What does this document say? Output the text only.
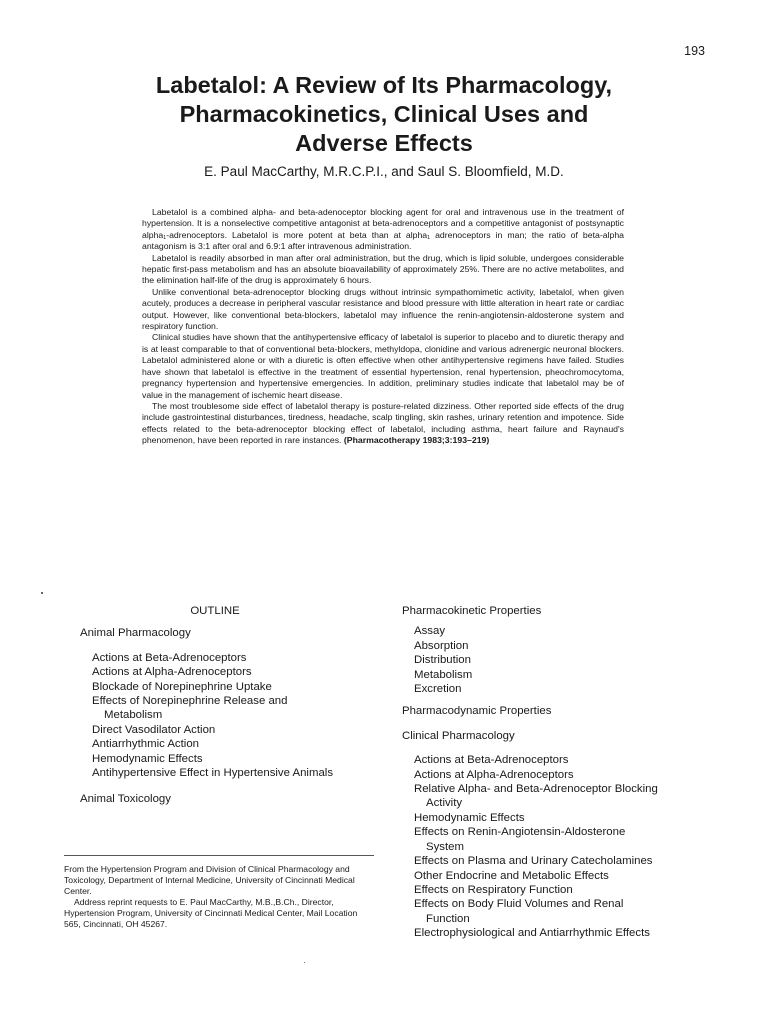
193
Labetalol: A Review of Its Pharmacology,
Pharmacokinetics, Clinical Uses and
Adverse Effects
E. Paul MacCarthy, M.R.C.P.I., and Saul S. Bloomfield, M.D.

Labetalol is a combined alpha- and beta-adenoceptor blocking agent for oral and intravenous use in the treatment of hypertension. It is a nonselective competitive antagonist at beta-adrenoceptors and a competitive antagonist of postsynaptic alpha₁-adrenoceptors. Labetalol is more potent at beta than at alpha₁ adrenoceptors in man; the ratio of beta-alpha antagonism is 3:1 after oral and 6.9:1 after intravenous administration.

Labetalol is readily absorbed in man after oral administration, but the drug, which is lipid soluble, undergoes considerable hepatic first-pass metabolism and has an absolute bioavailability of approximately 25%. There are no active metabolites, and the elimination half-life of the drug is approximately 6 hours.

Unlike conventional beta-adrenoceptor blocking drugs without intrinsic sympathomimetic activity, labetalol, when given acutely, produces a decrease in peripheral vascular resistance and blood pressure with little alteration in heart rate or cardiac output. However, like conventional beta-blockers, labetalol may influence the renin-angiotensin-aldosterone system and respiratory function.

Clinical studies have shown that the antihypertensive efficacy of labetalol is superior to placebo and to diuretic therapy and is at least comparable to that of conventional beta-blockers, methyldopa, clonidine and various adrenergic neuronal blockers. Labetalol administered alone or with a diuretic is often effective when other antihypertensive regimens have failed. Studies have shown that labetalol is effective in the treatment of essential hypertension, renal hypertension, pheochromocytoma, pregnancy hypertension and hypertensive emergencies. In addition, preliminary studies indicate that labetalol may be of value in the management of ischemic heart disease.

The most troublesome side effect of labetalol therapy is posture-related dizziness. Other reported side effects of the drug include gastrointestinal disturbances, tiredness, headache, scalp tingling, skin rashes, urinary retention and impotence. Side effects related to the beta-adrenoceptor blocking effect of labetalol, including asthma, heart failure and Raynaud's phenomenon, have been reported in rare instances. (Pharmacotherapy 1983;3:193–219)

OUTLINE
Animal Pharmacology
Actions at Beta-Adrenoceptors
Actions at Alpha-Adrenoceptors
Blockade of Norepinephrine Uptake
Effects of Norepinephrine Release and
Metabolism
Direct Vasodilator Action
Antiarrhythmic Action
Hemodynamic Effects
Antihypertensive Effect in Hypertensive Animals
Animal Toxicology
Pharmacokinetic Properties
Assay
Absorption
Distribution
Metabolism
Excretion
Pharmacodynamic Properties
Clinical Pharmacology
Actions at Beta-Adrenoceptors
Actions at Alpha-Adrenoceptors
Relative Alpha- and Beta-Adrenoceptor Blocking
Activity
Hemodynamic Effects
Effects on Renin-Angiotensin-Aldosterone
System
Effects on Plasma and Urinary Catecholamines
Other Endocrine and Metabolic Effects
Effects on Respiratory Function
Effects on Body Fluid Volumes and Renal
Function
Electrophysiological and Antiarrhythmic Effects

From the Hypertension Program and Division of Clinical Pharmacology and Toxicology, Department of Internal Medicine, University of Cincinnati Medical Center.

Address reprint requests to E. Paul MacCarthy, M.B.,B.Ch., Director, Hypertension Program, University of Cincinnati Medical Center, Mail Location 565, Cincinnati, OH 45267.
